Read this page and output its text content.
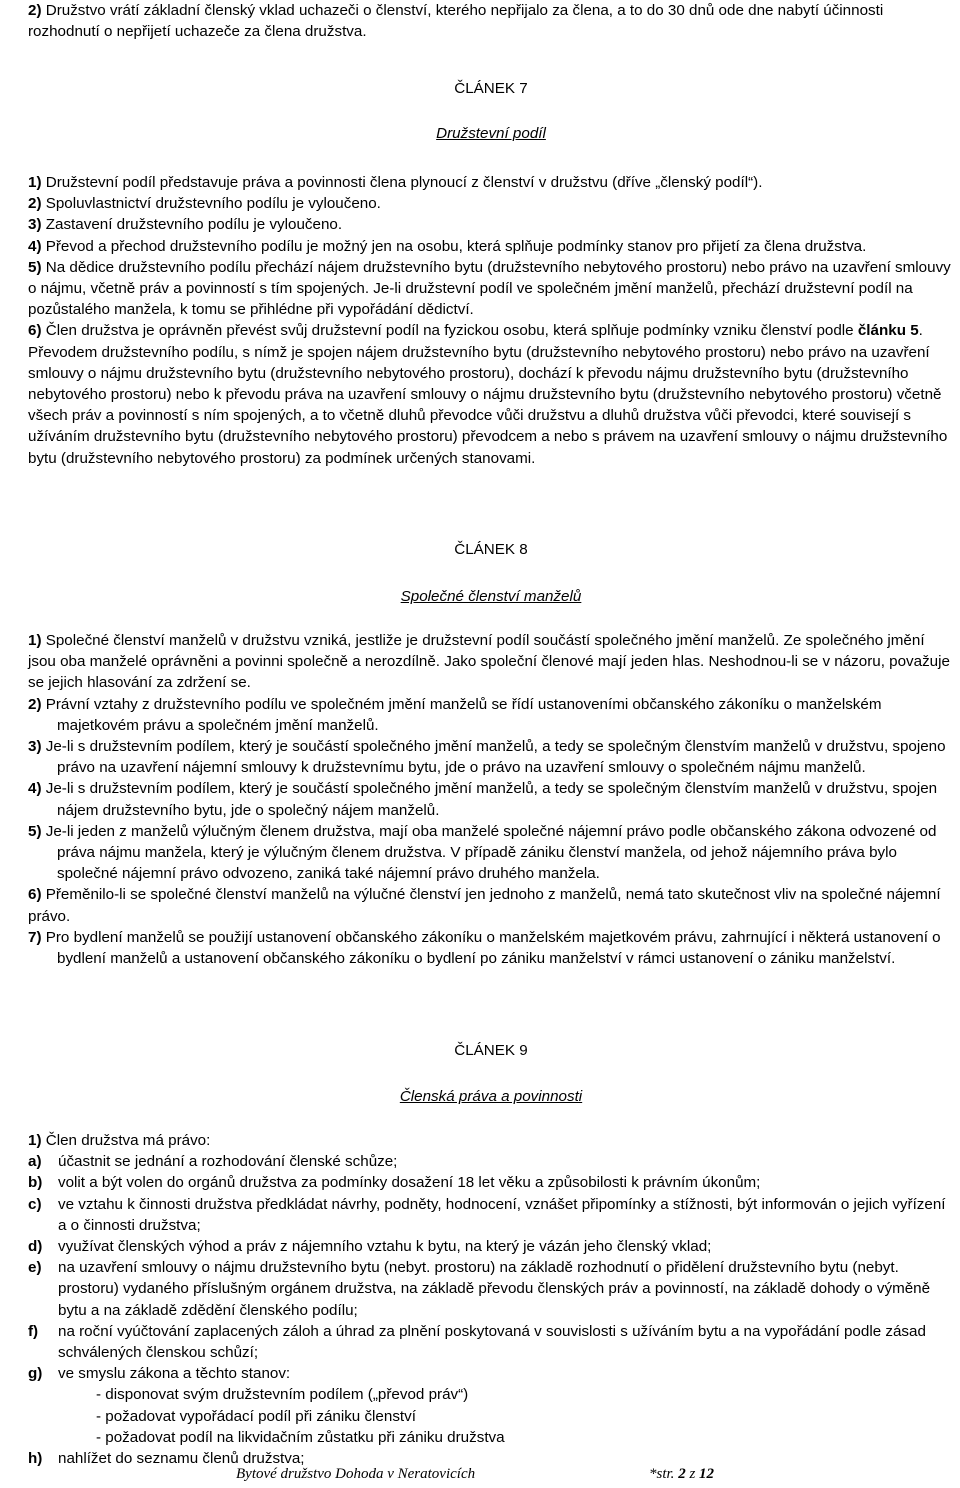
2) Družstvo vrátí základní členský vklad uchazeči o členství, kterého nepřijalo za člena, a to do 30 dnů ode dne nabytí účinnosti rozhodnutí o nepřijetí uchazeče za člena družstva.

ČLÁNEK 7

Družstevní podíl

1) Družstevní podíl představuje práva a povinnosti člena plynoucí z členství v družstvu (dříve „členský podíl“).

2) Spoluvlastnictví družstevního podílu je vyloučeno.

3) Zastavení družstevního podílu je vyloučeno.

4) Převod a přechod družstevního podílu je možný jen na osobu, která splňuje podmínky stanov pro přijetí za člena družstva.

5) Na dědice družstevního podílu přechází nájem družstevního bytu (družstevního nebytového prostoru) nebo právo na uzavření smlouvy o nájmu, včetně práv a povinností s tím spojených. Je-li družstevní podíl ve společném jmění manželů, přechází družstevní podíl na pozůstalého manžela, k tomu se přihlédne při vypořádání dědictví.

6) Člen družstva je oprávněn převést svůj družstevní podíl na fyzickou osobu, která splňuje podmínky vzniku členství podle článku 5. Převodem družstevního podílu, s nímž je spojen nájem družstevního bytu (družstevního nebytového prostoru) nebo právo na uzavření smlouvy o nájmu družstevního bytu (družstevního nebytového prostoru), dochází k převodu nájmu družstevního bytu (družstevního nebytového prostoru) nebo k převodu práva na uzavření smlouvy o nájmu družstevního bytu (družstevního nebytového prostoru) včetně všech práv a povinností s ním spojených, a to včetně dluhů převodce vůči družstvu a dluhů družstva vůči převodci, které souvisejí s užíváním družstevního bytu (družstevního nebytového prostoru) převodcem a nebo s právem na uzavření smlouvy o nájmu družstevního bytu (družstevního nebytového prostoru) za podmínek určených stanovami.

ČLÁNEK 8

Společné členství manželů

1) Společné členství manželů v družstvu vzniká, jestliže je družstevní podíl součástí společného jmění manželů. Ze společného jmění jsou oba manželé oprávněni a povinni společně a nerozdílně. Jako společní členové mají jeden hlas. Neshodnou-li se v názoru, považuje se jejich hlasování za zdržení se.

2) Právní vztahy z družstevního podílu ve společném jmění manželů se řídí ustanoveními občanského zákoníku o manželském majetkovém právu a společném jmění manželů.

3) Je-li s družstevním podílem, který je součástí společného jmění manželů, a tedy se společným členstvím manželů v družstvu, spojeno právo na uzavření nájemní smlouvy k družstevnímu bytu, jde o právo na uzavření smlouvy o společném nájmu manželů.

4) Je-li s družstevním podílem, který je součástí společného jmění manželů, a tedy se společným členstvím manželů v družstvu, spojen nájem družstevního bytu, jde o společný nájem manželů.

5) Je-li jeden z manželů výlučným členem družstva, mají oba manželé společné nájemní právo podle občanského zákona odvozené od práva nájmu manžela, který je výlučným členem družstva. V případě zániku členství manžela, od jehož nájemního práva bylo společné nájemní právo odvozeno, zaniká také nájemní právo druhého manžela.

6) Přeměnilo-li se společné členství manželů na výlučné členství jen jednoho z manželů, nemá tato skutečnost vliv na společné nájemní právo.

7) Pro bydlení manželů se použijí ustanovení občanského zákoníku o manželském majetkovém právu, zahrnující i některá ustanovení o bydlení manželů a ustanovení občanského zákoníku o bydlení po zániku manželství v rámci ustanovení o zániku manželství.

ČLÁNEK 9

Členská práva a povinnosti

1) Člen družstva má právo:

a) účastnit se jednání a rozhodování členské schůze;
b) volit a být volen do orgánů družstva za podmínky dosažení 18 let věku a způsobilosti k právním úkonům;
c) ve vztahu k činnosti družstva předkládat návrhy, podněty, hodnocení, vznášet připomínky a stížnosti, být informován o jejich vyřízení a o činnosti družstva;
d) využívat členských výhod a práv z nájemního vztahu k bytu, na který je vázán jeho členský vklad;
e) na uzavření smlouvy o nájmu družstevního bytu (nebyt. prostoru) na základě rozhodnutí o přidělení družstevního bytu (nebyt. prostoru) vydaného příslušným orgánem družstva, na základě převodu členských práv a povinností, na základě dohody o výměně bytu a na základě zdědění členského podílu;
f) na roční vyúčtování zaplacených záloh a úhrad za plnění poskytovaná v souvislosti s užíváním bytu a na vypořádání podle zásad schválených členskou schůzí;
g) ve smyslu zákona a těchto stanov:
- disponovat svým družstevním podílem („převod práv“)
- požadovat vypořádací podíl při zániku členství
- požadovat podíl na likvidačním zůstatku při zániku družstva
h) nahlížet do seznamu členů družstva;
Bytové družstvo Dohoda v Neratovicích	*str. 2 z 12
